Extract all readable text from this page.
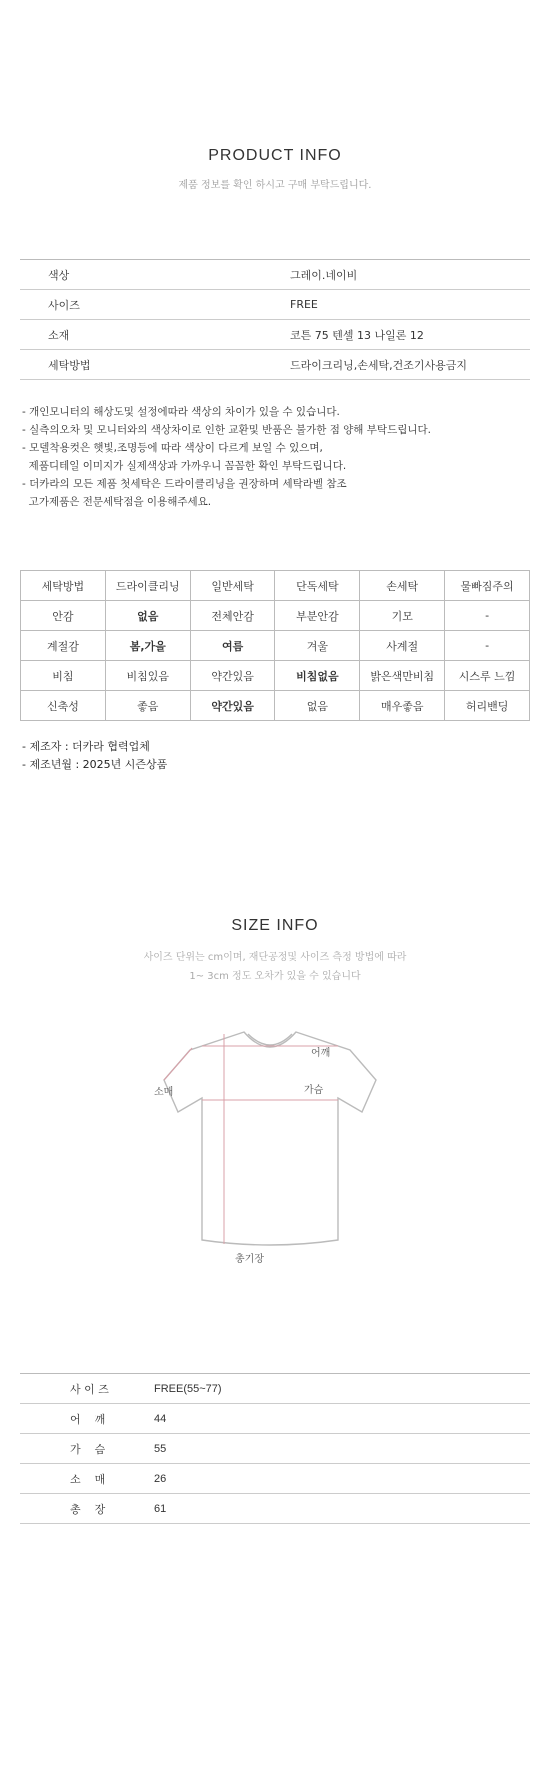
PRODUCT INFO
제품 정보를 확인 하시고 구매 부탁드립니다.
색상	그레이.네이비
사이즈	FREE
소재	코튼 75 텐셀 13 나일론 12
세탁방법	드라이크리닝,손세탁,건조기사용금지
- 개인모니터의 해상도및 설정에따라 색상의 차이가 있을 수 있습니다.
- 실측의오차 및 모니터와의 색상차이로 인한 교환및 반품은 불가한 점 양해 부탁드립니다.
- 모델착용컷은 햇빛,조명등에 따라 색상이 다르게 보일 수 있으며,
제품디테일 이미지가 실제색상과 가까우니 꼼꼼한 확인 부탁드립니다.
- 더카라의 모든 제품 첫세탁은 드라이클리닝을 권장하며 세탁라벨 참조
고가제품은 전문세탁점을 이용해주세요.
세탁방법	드라이클리닝	일반세탁	단독세탁	손세탁	물빠짐주의
안감	없음	전체안감	부분안감	기모	-
계절감	봄,가을	여름	겨울	사계절	-
비침	비침있음	약간있음	비침없음	밝은색만비침	시스루 느낌
신축성	좋음	약간있음	없음	매우좋음	허리밴딩
- 제조자 : 더카라 협력업체
- 제조년월 : 2025년 시즌상품
SIZE INFO
사이즈 단위는 cm이며, 재단공정및 사이즈 측정 방법에 따라
1~ 3cm 정도 오차가 있을 수 있습니다
어깨
가슴
소매
총기장
사 이 즈	FREE(55~77)
어    깨	44
가    슴	55
소    매	26
총    장	61
